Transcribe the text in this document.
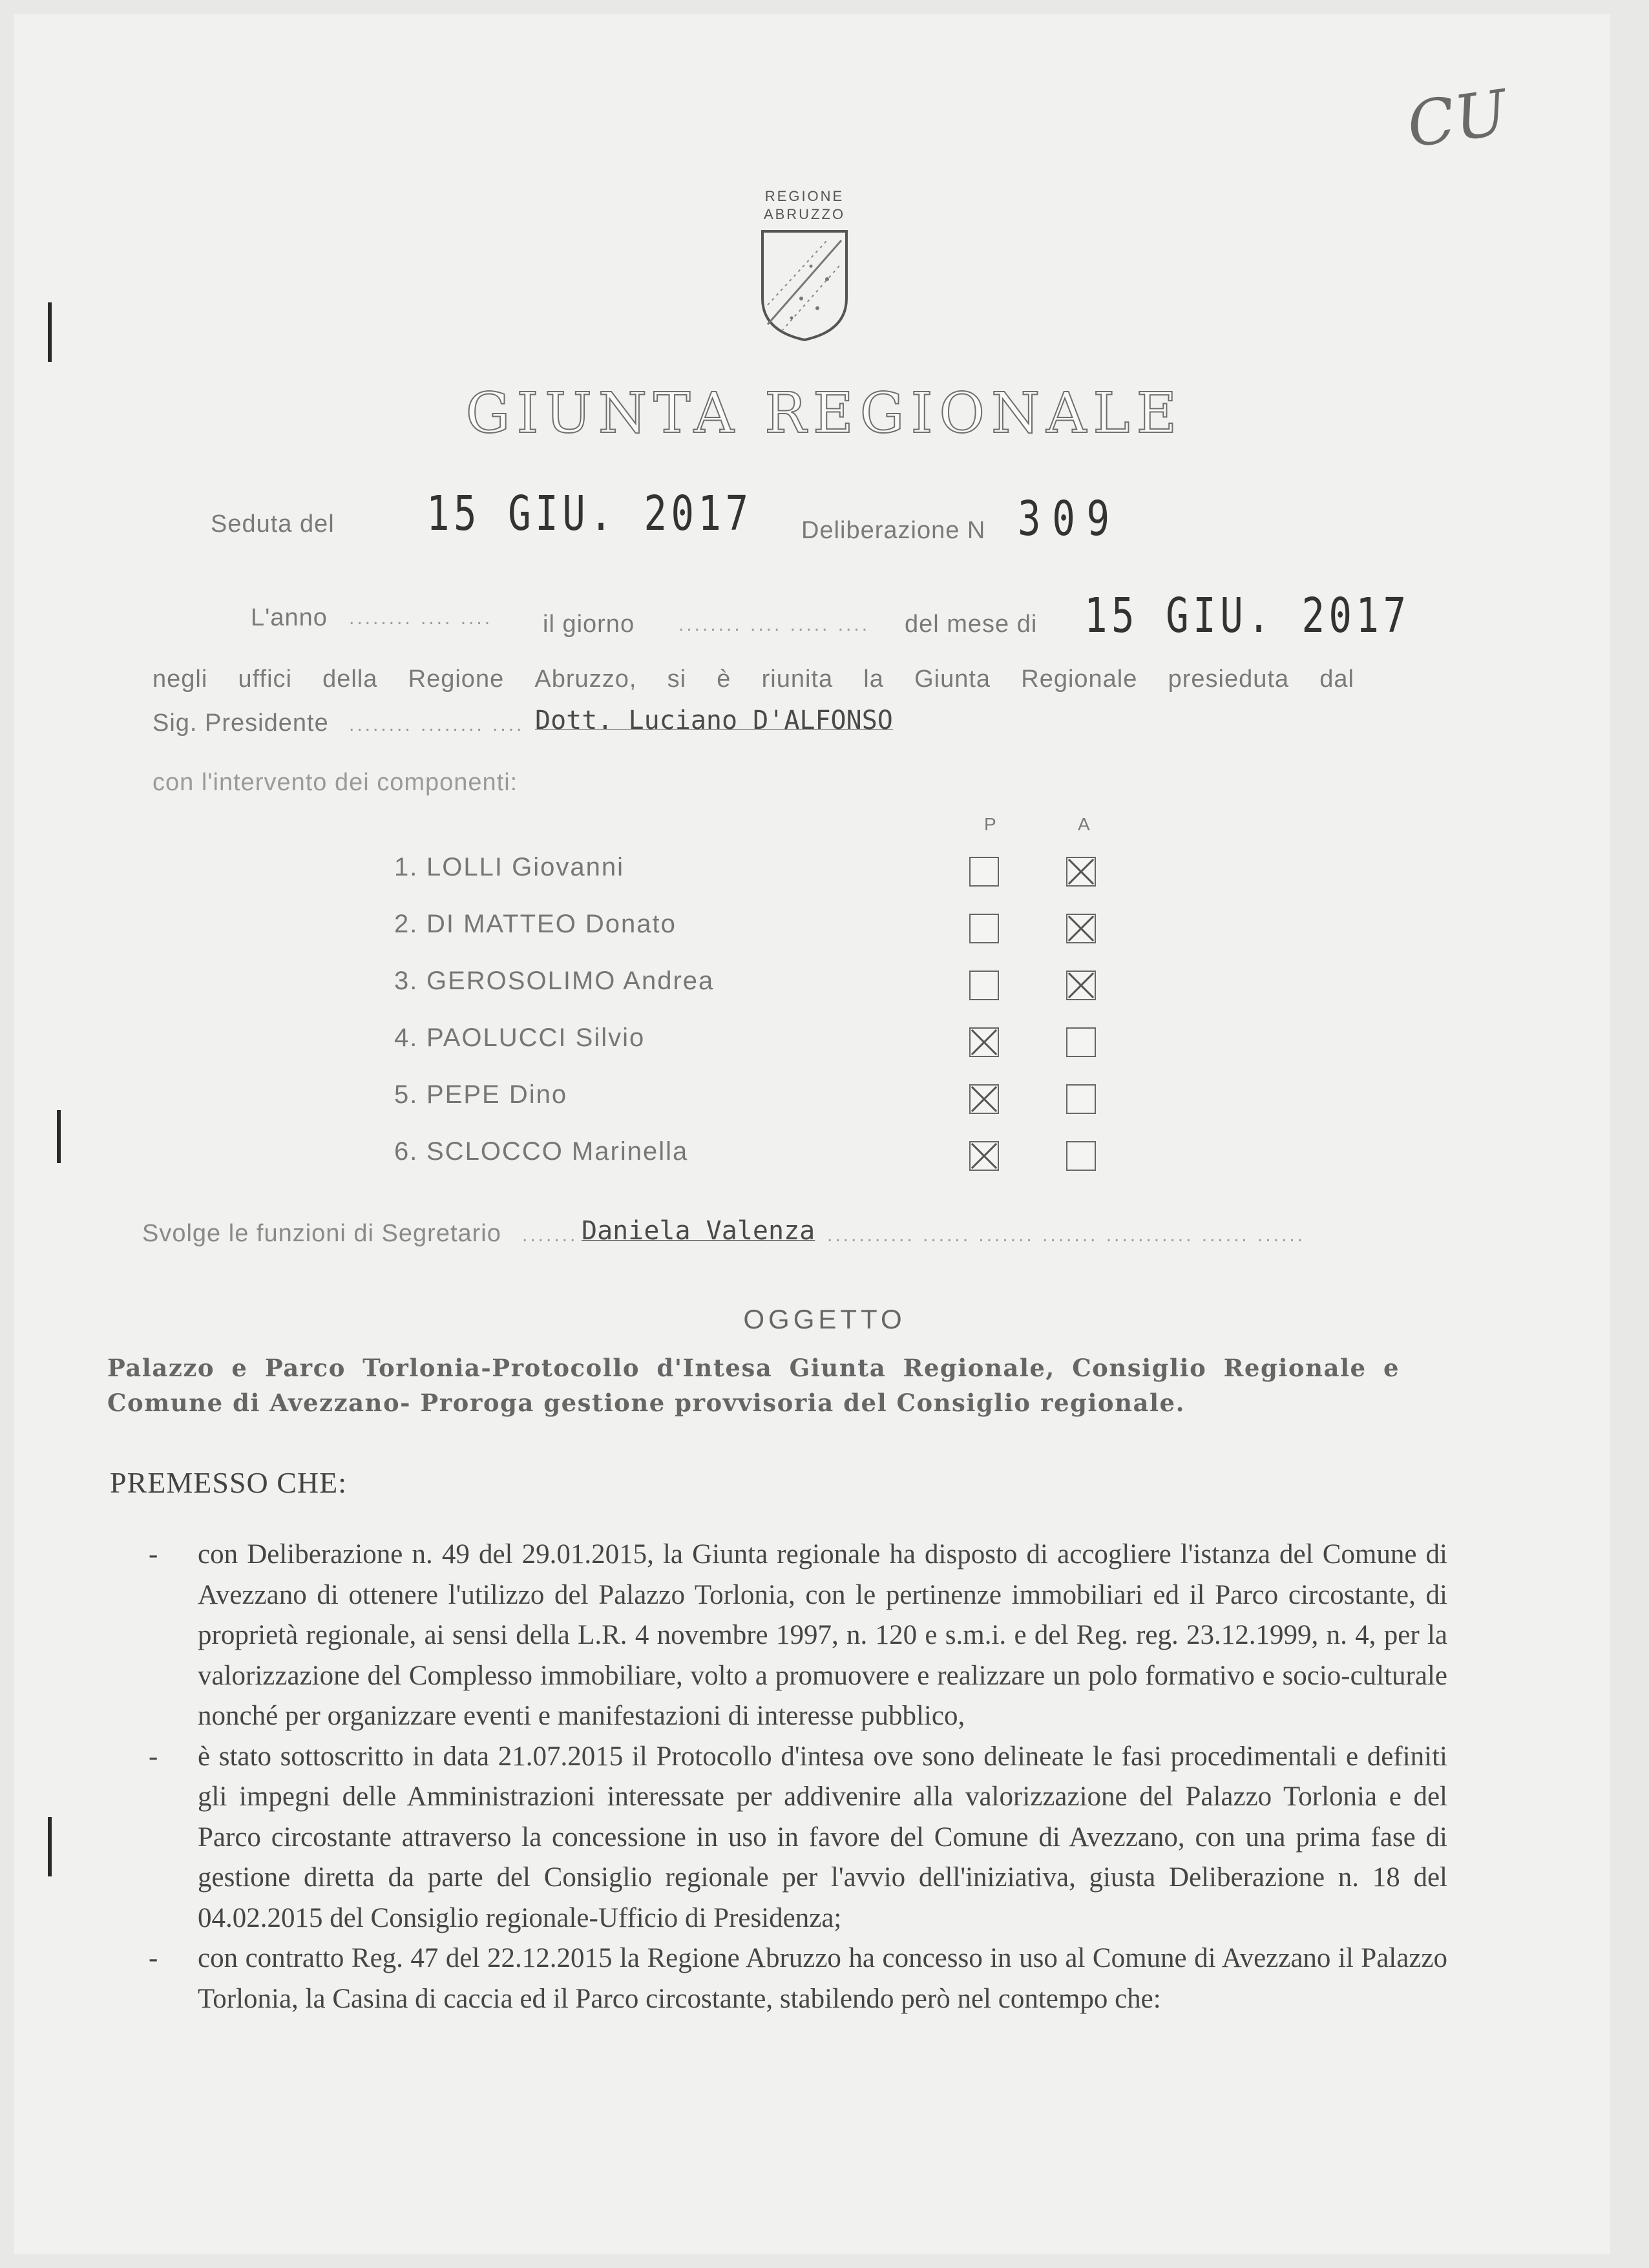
CU
REGIONE
ABRUZZO
GIUNTA REGIONALE
Seduta del 15 GIU. 2017 Deliberazione N 309
L'anno ........ .... .... il giorno ........ .... ..... .... del mese di 15 GIU. 2017
negli uffici della Regione Abruzzo, si è riunita la Giunta Regionale presieduta dal
Sig. Presidente ........ ........ .... Dott. Luciano D'ALFONSO
con l'intervento dei componenti:
P	A
1. LOLLI Giovanni
2. DI MATTEO Donato
3. GEROSOLIMO Andrea
4. PAOLUCCI Silvio
5. PEPE Dino
6. SCLOCCO Marinella
Svolge le funzioni di Segretario ....... Daniela Valenza ........... ...... ....... ....... ........... ...... ......
OGGETTO
Palazzo e Parco Torlonia-Protocollo d'Intesa Giunta Regionale, Consiglio Regionale e Comune di Avezzano- Proroga gestione provvisoria del Consiglio regionale.
PREMESSO CHE:
- con Deliberazione n. 49 del 29.01.2015, la Giunta regionale ha disposto di accogliere l'istanza del Comune di Avezzano di ottenere l'utilizzo del Palazzo Torlonia, con le pertinenze immobiliari ed il Parco circostante, di proprietà regionale, ai sensi della L.R. 4 novembre 1997, n. 120 e s.m.i. e del Reg. reg. 23.12.1999, n. 4, per la valorizzazione del Complesso immobiliare, volto a promuovere e realizzare un polo formativo e socio-culturale nonché per organizzare eventi e manifestazioni di interesse pubblico,
- è stato sottoscritto in data 21.07.2015 il Protocollo d'intesa ove sono delineate le fasi procedimentali e definiti gli impegni delle Amministrazioni interessate per addivenire alla valorizzazione del Palazzo Torlonia e del Parco circostante attraverso la concessione in uso in favore del Comune di Avezzano, con una prima fase di gestione diretta da parte del Consiglio regionale per l'avvio dell'iniziativa, giusta Deliberazione n. 18 del 04.02.2015 del Consiglio regionale-Ufficio di Presidenza;
- con contratto Reg. 47 del 22.12.2015 la Regione Abruzzo ha concesso in uso al Comune di Avezzano il Palazzo Torlonia, la Casina di caccia ed il Parco circostante, stabilendo però nel contempo che:
